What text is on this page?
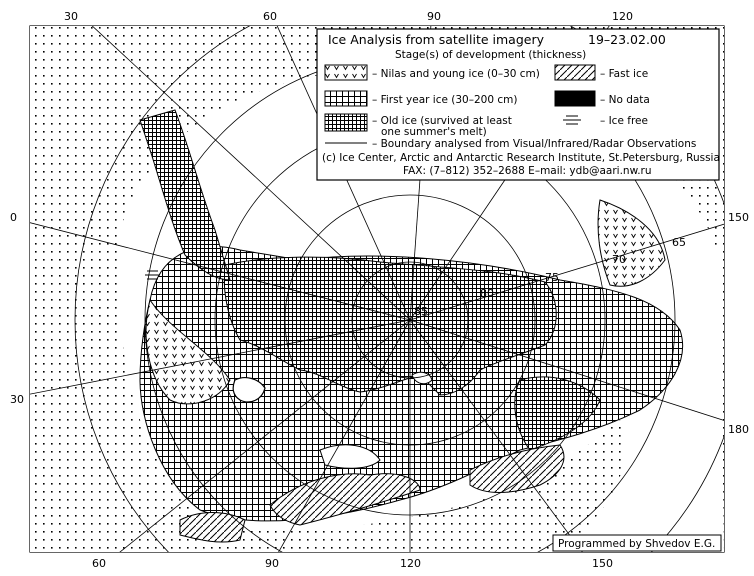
30	60	90	120
60	90	120	150
0
30
150
180
65
70
75
80
85
Ice Analysis from satellite imagery	19–23.02.00
Stage(s) of development (thickness)
– Nilas and young ice (0–30 cm)	– Fast ice
– First year ice (30–200 cm)	– No data
– Old ice (survived at least
one summer's melt)
– Ice free
– Boundary analysed from Visual/Infrared/Radar Observations
(c) Ice Center, Arctic and Antarctic Research Institute, St.Petersburg, Russia
FAX: (7–812) 352–2688 E–mail: ydb@aari.nw.ru
Programmed by Shvedov E.G.
